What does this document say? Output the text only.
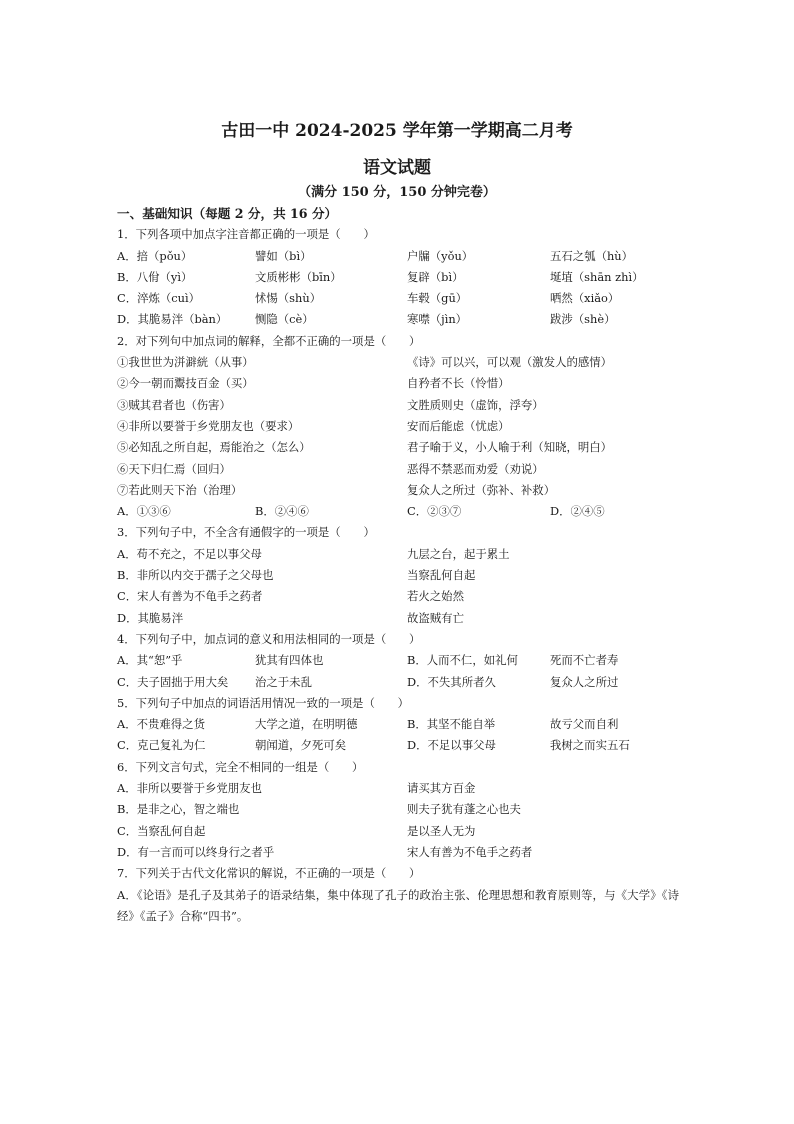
古田一中 2024-2025 学年第一学期高二月考
语文试题
（满分 150 分，150 分钟完卷）
一、基础知识（每题 2 分，共 16 分）
1．下列各项中加点字注音都正确的一项是（　　）
A．掊（pǒu）	譬如（bì）	户牖（yǒu）	五石之瓠（hù）
B．八佾（yì）	文质彬彬（bīn）	复辟（bì）	埏埴（shān zhì）
C．淬炼（cuì）	怵惕（shù）	车毂（gū）	哂然（xiǎo）
D．其脆易泮（bàn） 恻隐（cè）	寒噤（jìn）	跋涉（shè）
2．对下列句中加点词的解释，全都不正确的一项是（　　）
①我世世为洴澼絖（从事）	《诗》可以兴，可以观（激发人的感情）
②今一朝而鬻技百金（买）	自矜者不长（怜惜）
③贼其君者也（伤害）	文胜质则史（虚饰，浮夸）
④非所以要誉于乡党朋友也（要求）	安而后能虑（忧虑）
⑤必知乱之所自起，焉能治之（怎么）	君子喻于义，小人喻于利（知晓，明白）
⑥天下归仁焉（回归）	恶得不禁恶而劝爱（劝说）
⑦若此则天下治（治理）	复众人之所过（弥补、补救）
A．①③⑥	B．②④⑥	C．②③⑦	D．②④⑤
3．下列句子中，不全含有通假字的一项是（　　）
A．苟不充之，不足以事父母	九层之台，起于累土
B．非所以内交于孺子之父母也	当察乱何自起
C．宋人有善为不龟手之药者	若火之始然
D．其脆易泮	故盗贼有亡
4．下列句子中，加点词的意义和用法相同的一项是（　　）
A．其“恕”乎	犹其有四体也	B．人而不仁，如礼何	死而不亡者寿
C．夫子固拙于用大矣 治之于未乱	D．不失其所者久	复众人之所过
5．下列句子中加点的词语活用情况一致的一项是（　　）
A．不贵难得之货	大学之道，在明明德	B．其坚不能自举	故亏父而自利
C．克己复礼为仁	朝闻道，夕死可矣	D．不足以事父母	我树之而实五石
6．下列文言句式，完全不相同的一组是（　　）
A．非所以要誉于乡党朋友也	请买其方百金
B．是非之心，智之端也	则夫子犹有蓬之心也夫
C．当察乱何自起	是以圣人无为
D．有一言而可以终身行之者乎	宋人有善为不龟手之药者
7．下列关于古代文化常识的解说，不正确的一项是（　　）
A．《论语》是孔子及其弟子的语录结集，集中体现了孔子的政治主张、伦理思想和教育原则等，与《大学》《诗经》《孟子》合称“四书”。
